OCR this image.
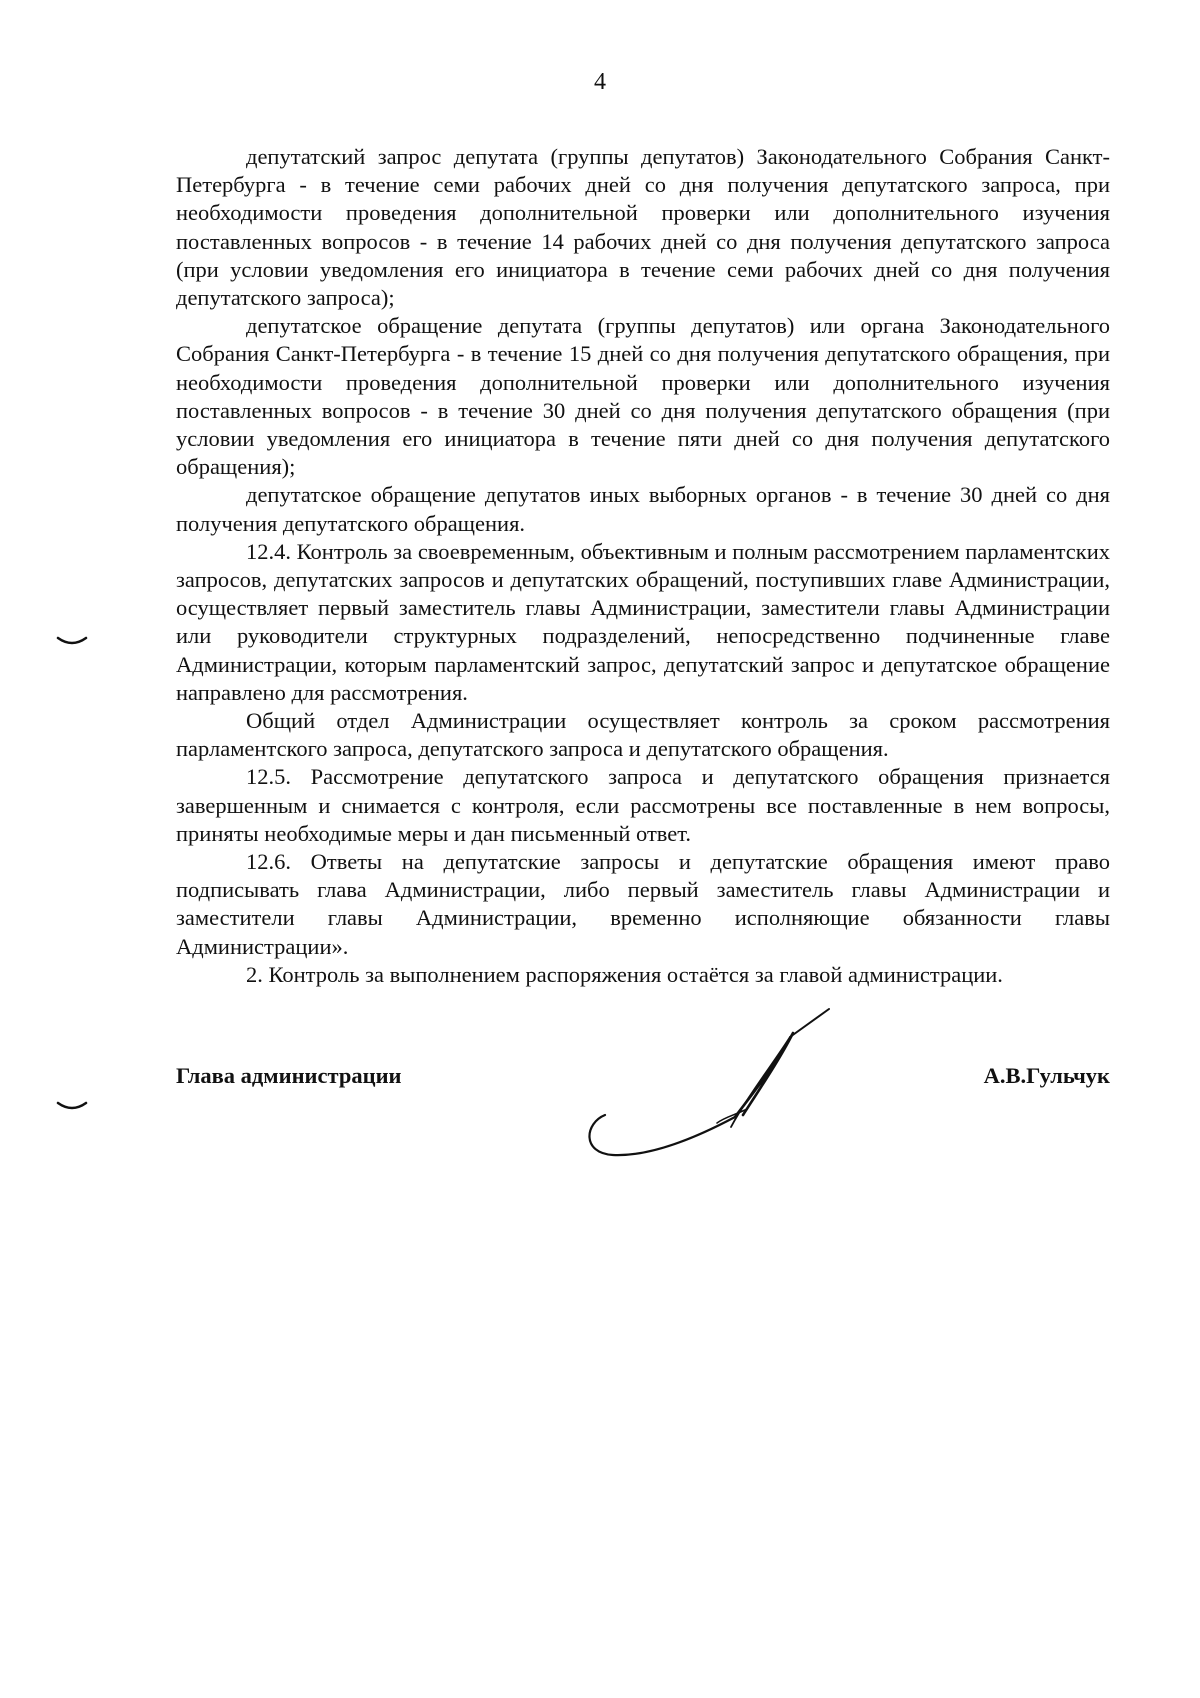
4

депутатский запрос депутата (группы депутатов) Законодательного Собрания Санкт-Петербурга - в течение семи рабочих дней со дня получения депутатского запроса, при необходимости проведения дополнительной проверки или дополнительного изучения поставленных вопросов - в течение 14 рабочих дней со дня получения депутатского запроса (при условии уведомления его инициатора в течение семи рабочих дней со дня получения депутатского запроса);

депутатское обращение депутата (группы депутатов) или органа Законодательного Собрания Санкт-Петербурга - в течение 15 дней со дня получения депутатского обращения, при необходимости проведения дополнительной проверки или дополнительного изучения поставленных вопросов - в течение 30 дней со дня получения депутатского обращения (при условии уведомления его инициатора в течение пяти дней со дня получения депутатского обращения);

депутатское обращение депутатов иных выборных органов - в течение 30 дней со дня получения депутатского обращения.

12.4. Контроль за своевременным, объективным и полным рассмотрением парламентских запросов, депутатских запросов и депутатских обращений, поступивших главе Администрации, осуществляет первый заместитель главы Администрации, заместители главы Администрации или руководители структурных подразделений, непосредственно подчиненные главе Администрации, которым парламентский запрос, депутатский запрос и депутатское обращение направлено для рассмотрения.

Общий отдел Администрации осуществляет контроль за сроком рассмотрения парламентского запроса, депутатского запроса и депутатского обращения.

12.5. Рассмотрение депутатского запроса и депутатского обращения признается завершенным и снимается с контроля, если рассмотрены все поставленные в нем вопросы, приняты необходимые меры и дан письменный ответ.

12.6. Ответы на депутатские запросы и депутатские обращения имеют право подписывать глава Администрации, либо первый заместитель главы Администрации и заместители главы Администрации, временно исполняющие обязанности главы Администрации».

2. Контроль за выполнением распоряжения остаётся за главой администрации.

Глава администрации	А.В.Гульчук
